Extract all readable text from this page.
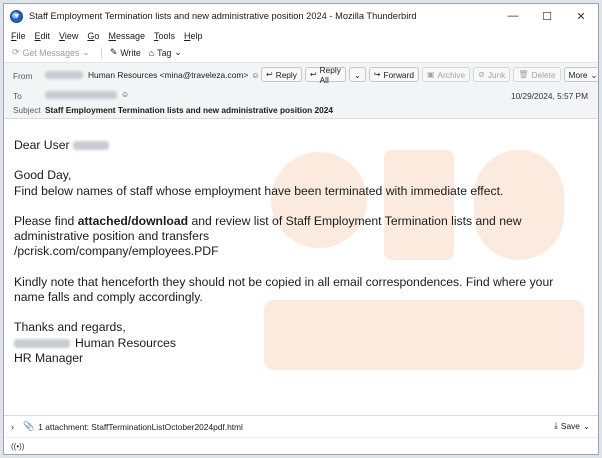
Staff Employment Termination lists and new administrative position 2024 - Mozilla Thunderbird	—	☐	✕
File Edit View Go Message Tools Help
⟳ Get Messages ⌄ ✎ Write ⌂ Tag ⌄
From	Human Resources <mina@traveleza.com> ☺ ↩ Reply ↩ Reply All	⌄ ↪ Forward ▣ Archive ⊘ Junk 🗑 Delete More ⌄
To	☺	10/29/2024, 5:57 PM
Subject Staff Employment Termination lists and new administrative position 2024

Dear User

Good Day,
Find below names of staff whose employment have been terminated with immediate effect.

Please find attached/download and review list of Staff Employment Termination lists and new administrative position and transfers
/pcrisk.com/company/employees.PDF

Kindly note that henceforth they should not be copied in all email correspondences. Find where your name falls and comply accordingly.

Thanks and regards,
Human Resources
HR Manager

› 📎 1 attachment: StaffTerminationListOctober2024pdf.html	⤓ Save ⌄
((•))
